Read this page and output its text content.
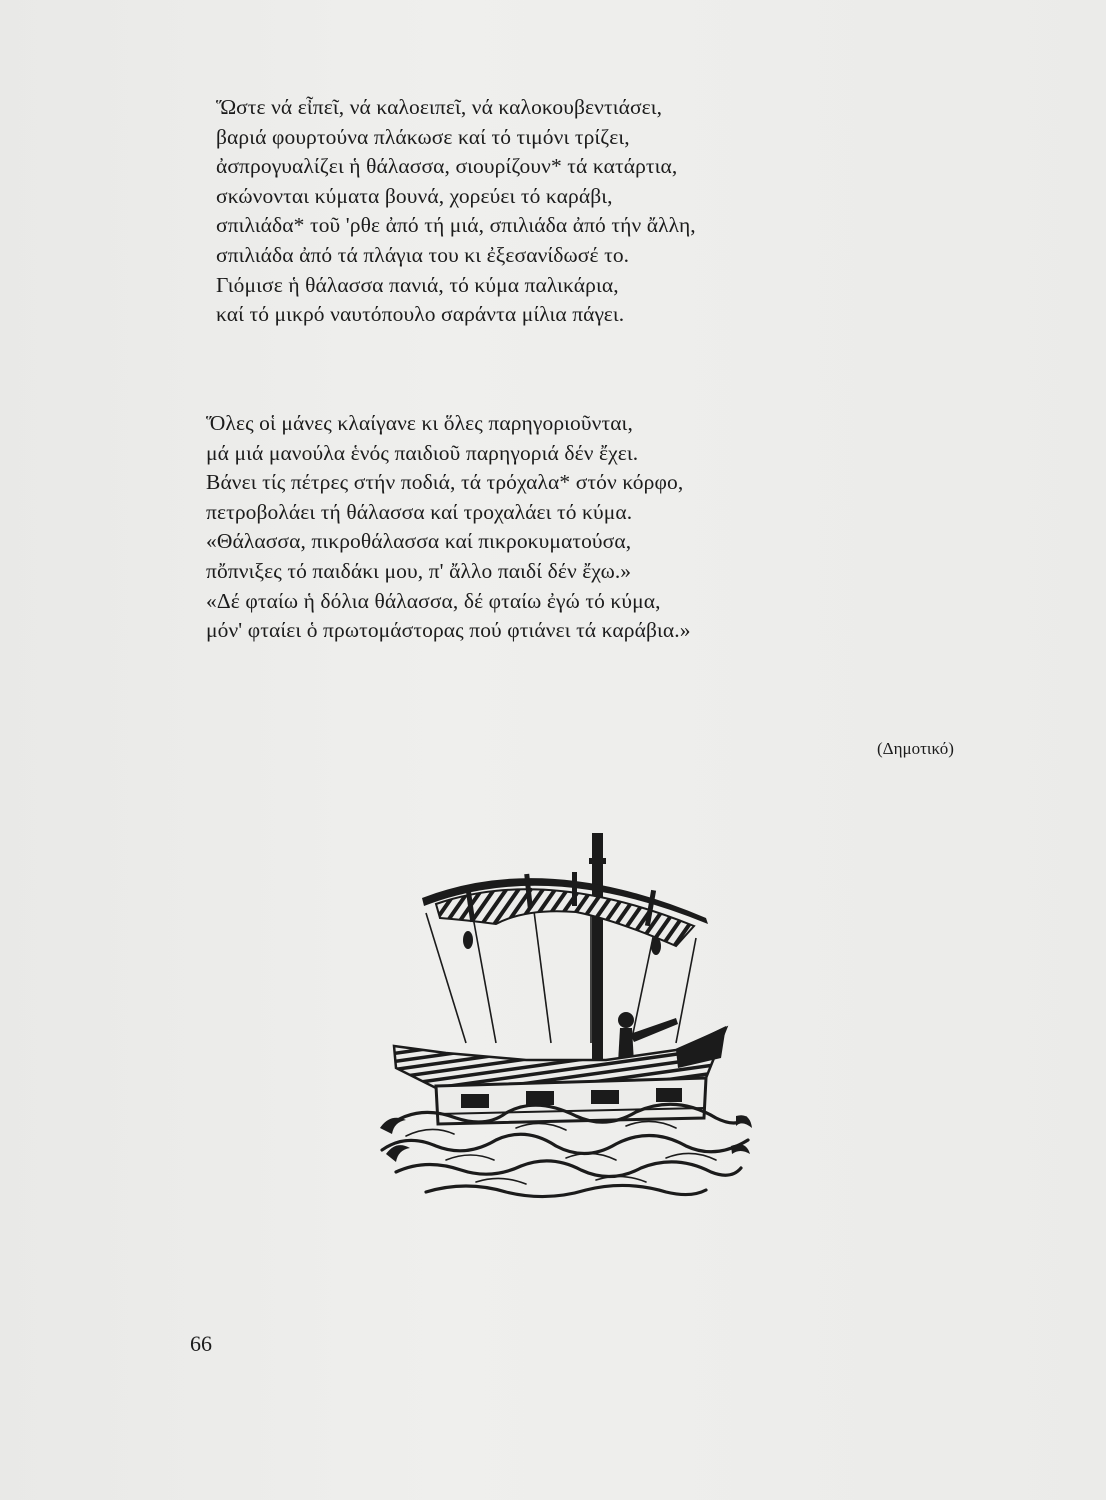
Ὥστε νά εἶπεῖ, νά καλοειπεῖ, νά καλοκουβεντιάσει,
βαριά φουρτούνα πλάκωσε καί τό τιμόνι τρίζει,
ἀσπρογυαλίζει ἡ θάλασσα, σιουρίζουν* τά κατάρτια,
σκώνονται κύματα βουνά, χορεύει τό καράβι,
σπιλιάδα* τοῦ 'ρθε ἀπό τή μιά, σπιλιάδα ἀπό τήν ἄλλη,
σπιλιάδα ἀπό τά πλάγια του κι ἐξεσανίδωσέ το.
Γιόμισε ἡ θάλασσα πανιά, τό κύμα παλικάρια,
καί τό μικρό ναυτόπουλο σαράντα μίλια πάγει.
Ὅλες οἱ μάνες κλαίγανε κι ὅλες παρηγοριοῦνται,
μά μιά μανούλα ἑνός παιδιοῦ παρηγοριά δέν ἔχει.
Βάνει τίς πέτρες στήν ποδιά, τά τρόχαλα* στόν κόρφο,
πετροβολάει τή θάλασσα καί τροχαλάει τό κύμα.
«Θάλασσα, πικροθάλασσα καί πικροκυματούσα,
πὄπνιξες τό παιδάκι μου, π' ἄλλο παιδί δέν ἔχω.»
«Δέ φταίω ἡ δόλια θάλασσα, δέ φταίω ἐγώ τό κύμα,
μόν' φταίει ὁ πρωτομάστορας πού φτιάνει τά καράβια.»
(Δημοτικό)
66
